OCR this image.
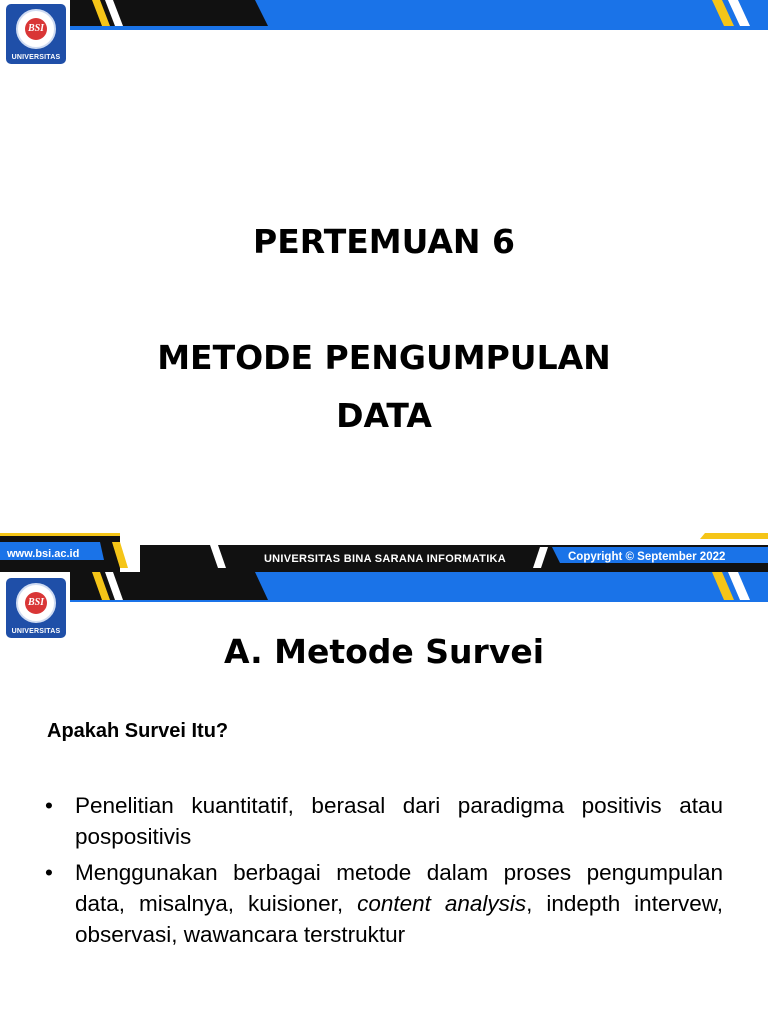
BSI
UNIVERSITAS
PERTEMUAN 6
METODE PENGUMPULAN
DATA
www.bsi.ac.id	UNIVERSITAS BINA SARANA INFORMATIKA	Copyright © September 2022
BSI
UNIVERSITAS
A. Metode Survei
Apakah Survei Itu?
• Penelitian kuantitatif, berasal dari paradigma positivis atau pospositivis
• Menggunakan berbagai metode dalam proses pengumpulan data, misalnya, kuisioner, content analysis, indepth intervew, observasi, wawancara terstruktur
